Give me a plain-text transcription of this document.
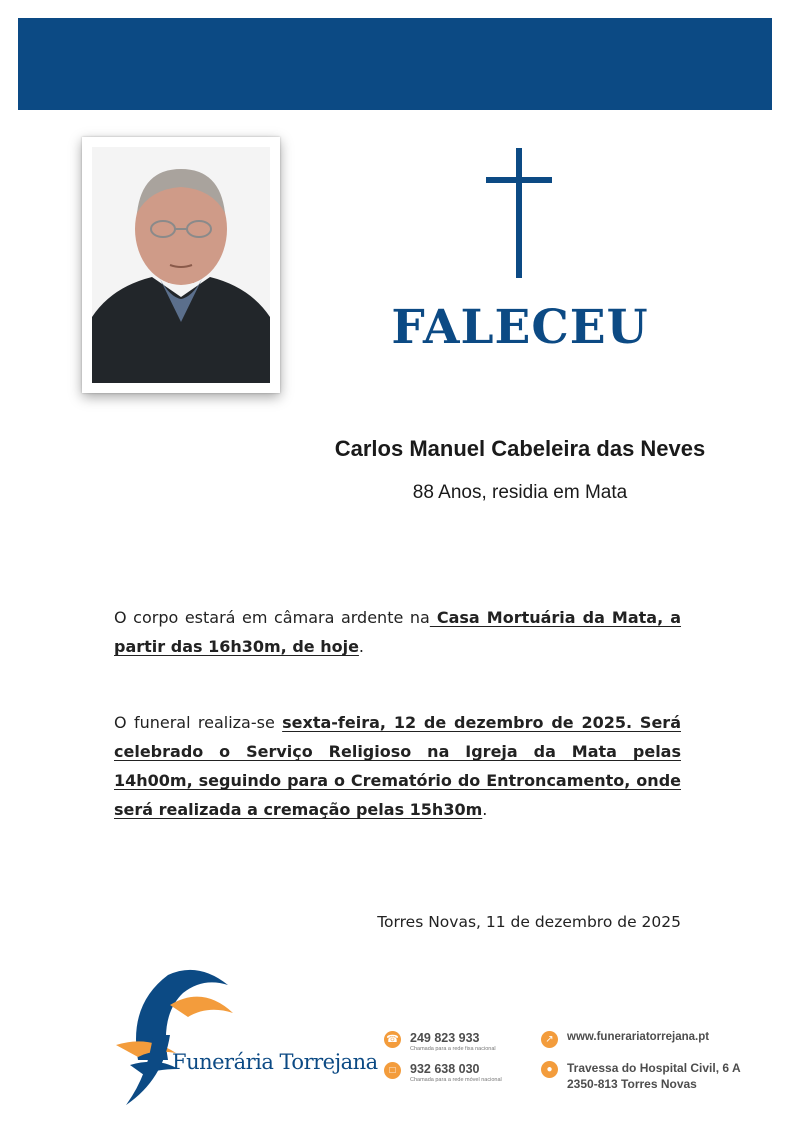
FALECEU
Carlos Manuel Cabeleira das Neves
88 Anos, residia em Mata
O corpo estará em câmara ardente na Casa Mortuária da Mata, a partir das 16h30m, de hoje.
O funeral realiza-se sexta-feira, 12 de dezembro de 2025. Será celebrado o Serviço Religioso na Igreja da Mata pelas 14h00m, seguindo para o Crematório do Entroncamento, onde será realizada a cremação pelas 15h30m.
Torres Novas, 11 de dezembro de 2025
Funerária Torrejana
☎ 249 823 933
Chamada para a rede fixa nacional
□	932 638 030
Chamada para a rede móvel nacional
↗	www.funerariatorrejana.pt
●	Travessa do Hospital Civil, 6 A
2350-813 Torres Novas
